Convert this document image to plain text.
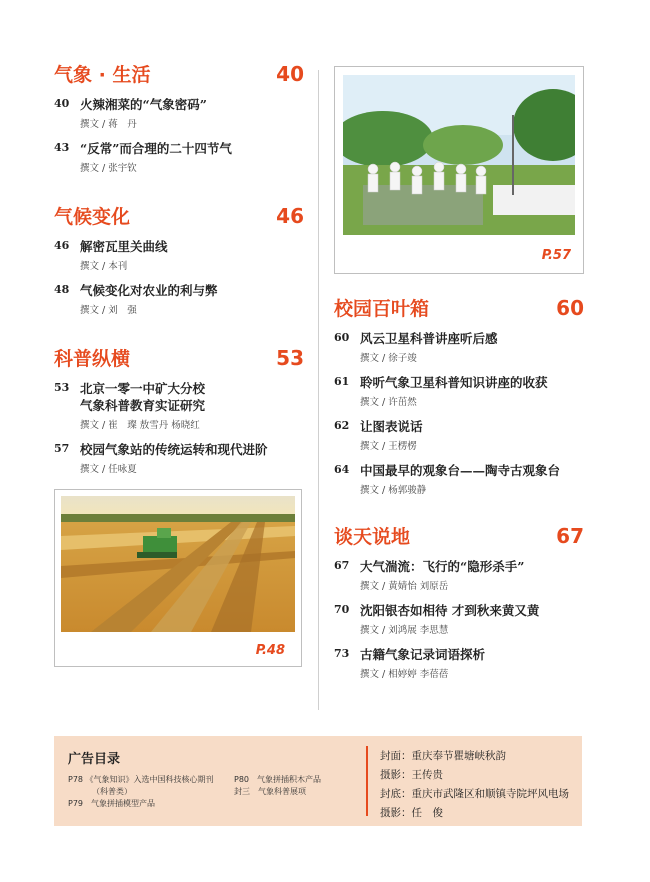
气象 · 生活	40
40 火辣湘菜的“气象密码”
撰文 / 蒋　丹
43 “反常”而合理的二十四节气
撰文 / 张宇钦
气候变化	46
46 解密瓦里关曲线
撰文 / 本刊
48 气候变化对农业的利与弊
撰文 / 刘　强
科普纵横	53
53 北京一零一中矿大分校
气象科普教育实证研究
撰文 / 崔　璨 敖雪丹 杨晓红
57 校园气象站的传统运转和现代进阶
撰文 / 任咏夏
P.48
P.57
校园百叶箱	60
60 风云卫星科普讲座听后感
撰文 / 徐子竣
61 聆听气象卫星科普知识讲座的收获
撰文 / 许茁然
62 让图表说话
撰文 / 王楞楞
64 中国最早的观象台——陶寺古观象台
撰文 / 杨郭骏静
谈天说地	67
67 大气湍流：飞行的“隐形杀手”
撰文 / 黄婧怡 刘原岳
70 沈阳银杏如相待 才到秋来黄又黄
撰文 / 刘鸿展 李思慧
73 古籍气象记录词语探析
撰文 / 相婷婷 李蓓蓓
广告目录
P78 《气象知识》入选中国科技核心期刊
（科普类）
P79　气象拼插模型产品
P80　气象拼插积木产品
封三　气象科普展项
封面：重庆奉节瞿塘峡秋韵
摄影：王传贵
封底：重庆市武隆区和顺镇寺院坪风电场
摄影：任　俊
